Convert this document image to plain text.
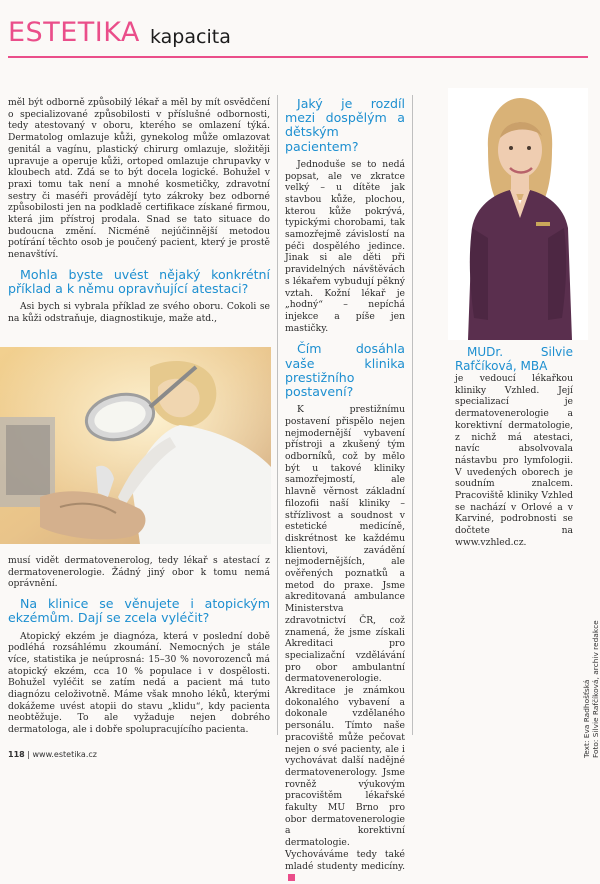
ESTETIKA kapacita

měl být odborně způsobilý lékař a měl by mít osvědčení o specializované způsobilosti v příslušné odbornosti, tedy atestovaný v oboru, kterého se omlazení týká. Dermatolog omlazuje kůži, gynekolog může omlazovat genitál a vagínu, plastický chirurg omlazuje, složitěji upravuje a operuje kůži, ortoped omlazuje chrupavky v kloubech atd. Zdá se to být docela logické. Bohužel v praxi tomu tak není a mnohé kosmetičky, zdravotní sestry či maséři provádějí tyto zákroky bez odborné způsobilosti jen na podkladě certifikace získané firmou, která jim přístroj prodala. Snad se tato situace do budoucna změní. Nicméně nejúčinnější metodou potírání těchto osob je poučený pacient, který je prostě nenavštíví.

Mohla byste uvést nějaký konkrétní příklad a k němu opravňující atestaci?

Asi bych si vybrala příklad ze svého oboru. Cokoli se na kůži odstraňuje, diagnostikuje, maže atd.,

musí vidět dermatovenerolog, tedy lékař s atestací z dermatovenerologie. Žádný jiný obor k tomu nemá oprávnění.

Na klinice se věnujete i atopickým ekzémům. Dají se zcela vyléčit?

Atopický ekzém je diagnóza, která v poslední době podléhá rozsáhlému zkoumání. Nemocných je stále více, statistika je neúprosná: 15–30 % novorozenců má atopický ekzém, cca 10 % populace i v dospělosti. Bohužel vyléčit se zatím nedá a pacient má tuto diagnózu celoživotně. Máme však mnoho léků, kterými dokážeme uvést atopii do stavu „klidu“, kdy pacienta neobtěžuje. To ale vyžaduje nejen dobrého dermatologa, ale i dobře spolupracujícího pacienta.

Jaký je rozdíl mezi dospělým a dětským pacientem?

Jednoduše se to nedá popsat, ale ve zkratce velký – u dítěte jak stavbou kůže, plochou, kterou kůže pokrývá, typickými chorobami, tak samozřejmě závislostí na péči dospělého jedince. Jinak si ale děti při pravidelných návštěvách s lékařem vybudují pěkný vztah. Kožní lékař je „hodný“ – nepíchá injekce a píše jen mastičky.

Čím dosáhla vaše klinika prestižního postavení?

K prestižnímu postavení přispělo nejen nejmodernější vybavení přístroji a zkušený tým odborníků, což by mělo být u takové kliniky samozřejmostí, ale hlavně věrnost základní filozofii naší kliniky – střízlivost a soudnost v estetické medicíně, diskrétnost ke každému klientovi, zavádění nejmodernějších, ale ověřených poznatků a metod do praxe. Jsme akreditovaná ambulance Ministerstva zdravotnictví ČR, což znamená, že jsme získali Akreditaci pro specializační vzdělávání pro obor ambulantní dermatovenerologie. Akreditace je známkou dokonalého vybavení a dokonale vzdělaného personálu. Tímto naše pracoviště může pečovat nejen o své pacienty, ale i vychovávat další nadějné dermatovenerology. Jsme rovněž výukovým pracovištěm lékařské fakulty MU Brno pro obor dermatovenerologie a korektivní dermatologie. Vychováváme tedy také mladé studenty medicíny.

MUDr. Silvie Rafčíková, MBA

je vedoucí lékařkou kliniky Vzhled. Její specializací je dermatovenerologie a korektivní dermatologie, z nichž má atestaci, navíc absolvovala nástavbu pro lymfologii. V uvedených oborech je soudním znalcem. Pracoviště kliniky Vzhled se nachází v Orlové a v Karviné, podrobnosti se dočtete na www.vzhled.cz.

Text: Eva Radhošťská Foto: Silvie Rafčíková, archiv redakce
118 | www.estetika.cz
